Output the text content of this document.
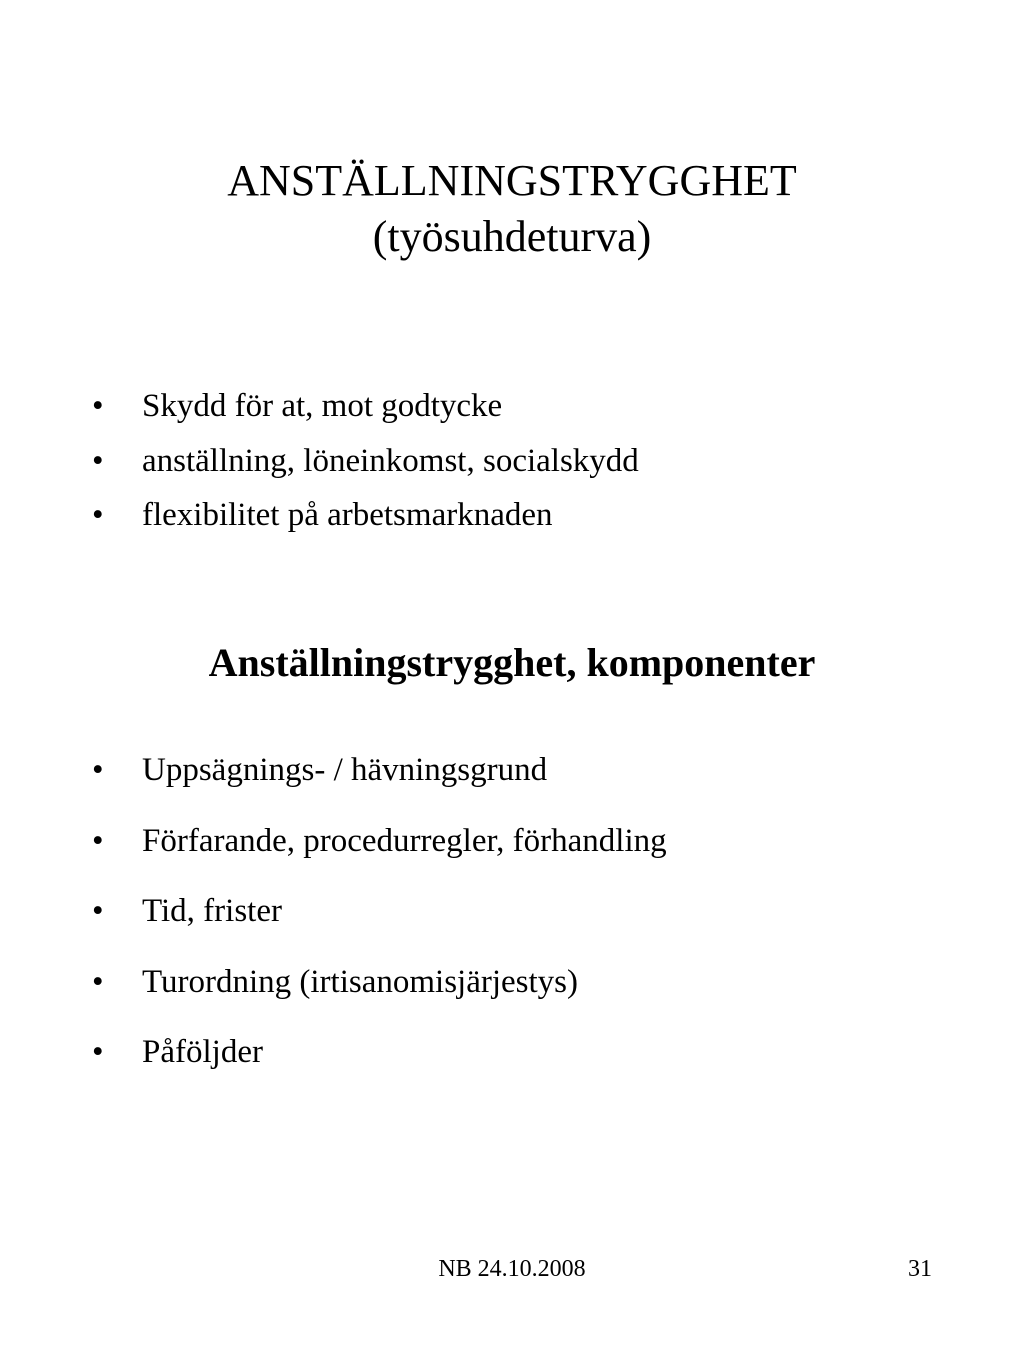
ANSTÄLLNINGSTRYGGHET
(työsuhdeturva)
• Skydd för at, mot godtycke
• anställning, löneinkomst, socialskydd
• flexibilitet på arbetsmarknaden
Anställningstrygghet, komponenter
• Uppsägnings- / hävningsgrund
• Förfarande, procedurregler, förhandling
• Tid, frister
• Turordning (irtisanomisjärjestys)
• Påföljder
NB 24.10.2008	31
